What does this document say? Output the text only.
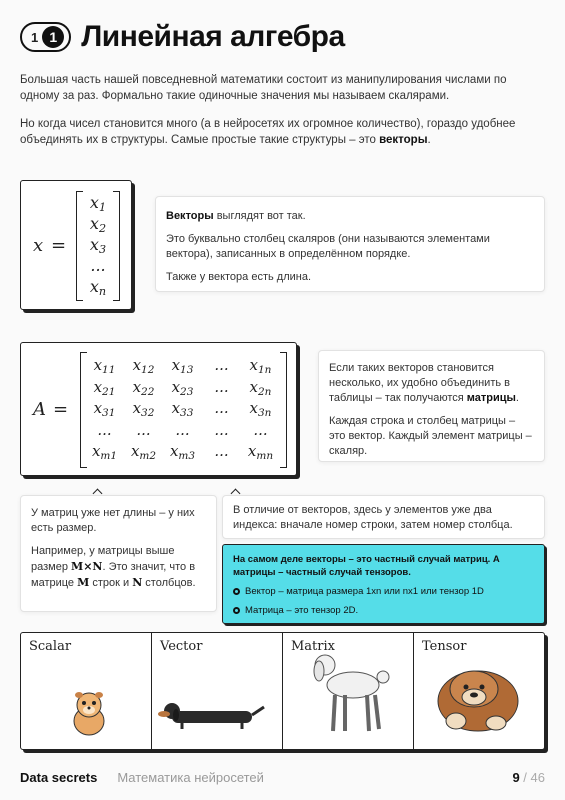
1 1 Линейная алгебра
Большая часть нашей повседневной математики состоит из манипулирования числами по одному за раз. Формально такие одиночные значения мы называем скалярами.
Но когда чисел становится много (а в нейросетях их огромное количество), гораздо удобнее объединять их в структуры. Самые простые такие структуры – это векторы.
x =
$x_1$
$x_2$
$x_3$
...
$x_n$

Векторы выглядят вот так.

Это буквально столбец скаляров (они называются элементами вектора), записанных в определённом порядке.

Также у вектора есть длина.

A =
$x_{11}$	$x_{12}$	$x_{13}$	...	$x_{1n}$
$x_{21}$	$x_{22}$	$x_{23}$	...	$x_{2n}$
$x_{31}$	$x_{32}$	$x_{33}$	...	$x_{3n}$
...	...	...	...	...
$x_{m1}$ $x_{m2}$ $x_{m3}$	...	$x_{mn}$

Если таких векторов становится несколько, их удобно объединить в таблицы – так получаются матрицы.

Каждая строка и столбец матрицы – это вектор. Каждый элемент матрицы – скаляр.

У матриц уже нет длины – у них есть размер.

Например, у матрицы выше размер M×N. Это значит, что в матрице M строк и N столбцов.

В отличие от векторов, здесь у элементов уже два индекса: вначале номер строки, затем номер столбца.

На самом деле векторы – это частный случай матриц. А матрицы – частный случай тензоров.
Вектор – матрица размера 1xn или nx1 или тензор 1D
Матрица – это тензор 2D.
Scalar	Vector	Matrix	Tensor
Data secrets Математика нейросетей	9 / 46
